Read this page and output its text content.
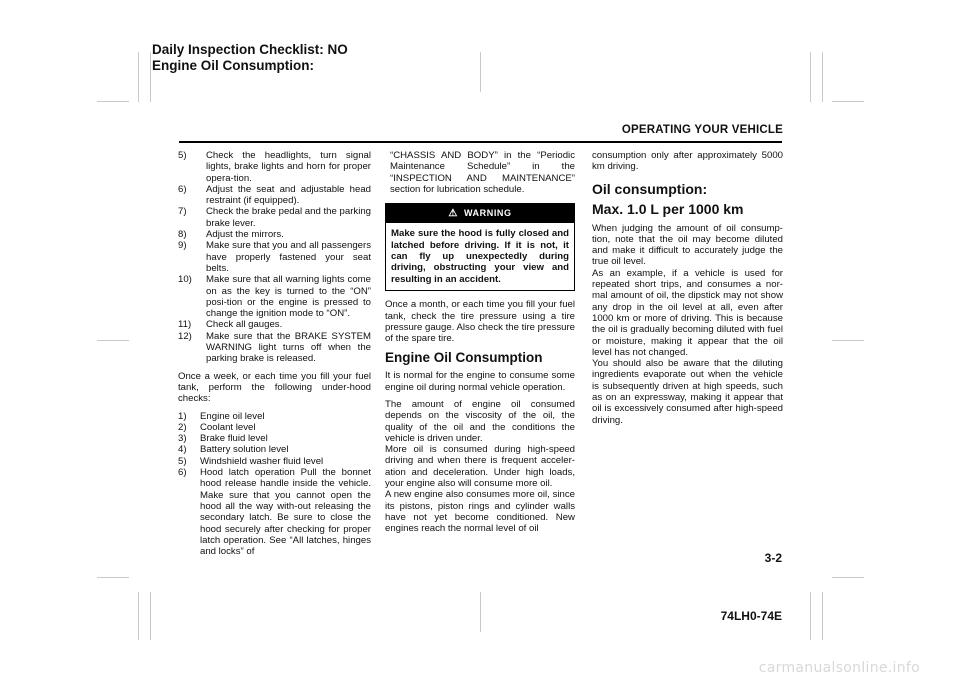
Daily Inspection Checklist: NO
Engine Oil Consumption:
OPERATING YOUR VEHICLE
5) Check the headlights, turn signal lights, brake lights and horn for proper opera-tion.
6) Adjust the seat and adjustable head restraint (if equipped).
7) Check the brake pedal and the parking brake lever.
8) Adjust the mirrors.
9) Make sure that you and all passengers have properly fastened your seat belts.
10) Make sure that all warning lights come on as the key is turned to the “ON” posi-tion or the engine is pressed to change the ignition mode to “ON”.
11) Check all gauges.
12) Make sure that the BRAKE SYSTEM WARNING light turns off when the parking brake is released.

Once a week, or each time you fill your fuel tank, perform the following under-hood checks:

1) Engine oil level
2) Coolant level
3) Brake fluid level
4) Battery solution level
5) Windshield washer fluid level
6) Hood latch operation Pull the bonnet hood release handle inside the vehicle. Make sure that you cannot open the hood all the way with-out releasing the secondary latch. Be sure to close the hood securely after checking for proper latch operation. See “All latches, hinges and locks” of

“CHASSIS AND BODY” in the “Periodic Maintenance Schedule” in the “INSPECTION AND MAINTENANCE” section for lubrication schedule.

⚠ WARNING
Make sure the hood is fully closed and latched before driving. If it is not, it can fly up unexpectedly during driving, obstructing your view and resulting in an accident.

Once a month, or each time you fill your fuel tank, check the tire pressure using a tire pressure gauge. Also check the tire pressure of the spare tire.

Engine Oil Consumption

It is normal for the engine to consume some engine oil during normal vehicle operation.

The amount of engine oil consumed depends on the viscosity of the oil, the quality of the oil and the conditions the vehicle is driven under.

More oil is consumed during high-speed driving and when there is frequent acceler-ation and deceleration. Under high loads, your engine also will consume more oil.

A new engine also consumes more oil, since its pistons, piston rings and cylinder walls have not yet become conditioned. New engines reach the normal level of oil

consumption only after approximately 5000 km driving.

Oil consumption:
Max. 1.0 L per 1000 km

When judging the amount of oil consump-tion, note that the oil may become diluted and make it difficult to accurately judge the true oil level.

As an example, if a vehicle is used for repeated short trips, and consumes a nor-mal amount of oil, the dipstick may not show any drop in the oil level at all, even after 1000 km or more of driving. This is because the oil is gradually becoming diluted with fuel or moisture, making it appear that the oil level has not changed.

You should also be aware that the diluting ingredients evaporate out when the vehicle is subsequently driven at high speeds, such as on an expressway, making it appear that oil is excessively consumed after high-speed driving.

3-2
74LH0-74E
carmanualsonline.info
